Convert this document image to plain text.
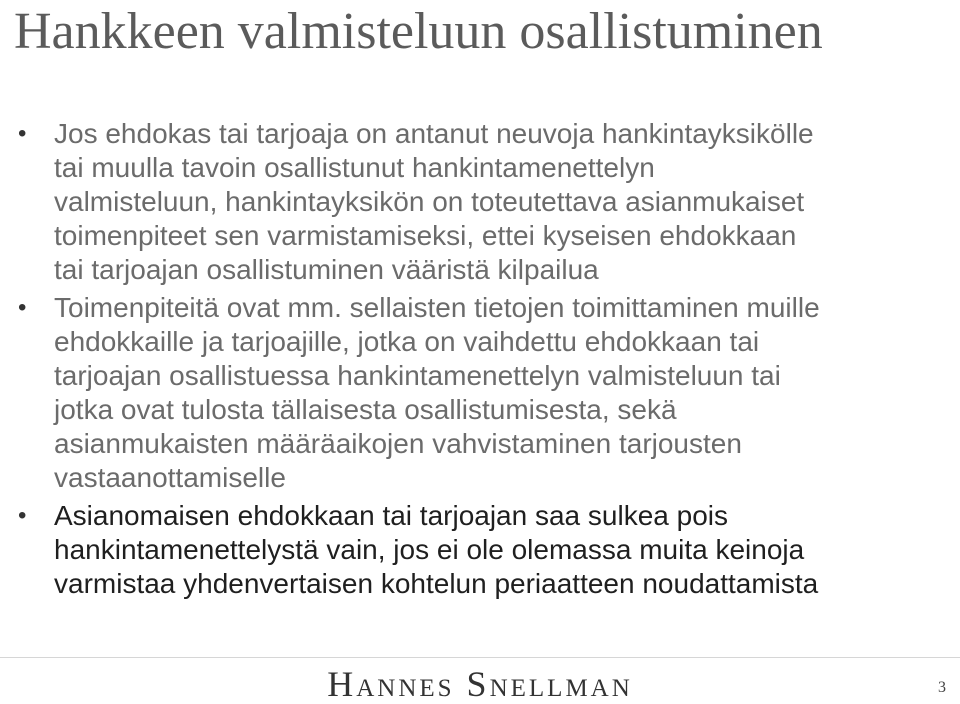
Hankkeen valmisteluun osallistuminen
• Jos ehdokas tai tarjoaja on antanut neuvoja hankintayksikölle
tai muulla tavoin osallistunut hankintamenettelyn
valmisteluun, hankintayksikön on toteutettava asianmukaiset
toimenpiteet sen varmistamiseksi, ettei kyseisen ehdokkaan
tai tarjoajan osallistuminen vääristä kilpailua
• Toimenpiteitä ovat mm. sellaisten tietojen toimittaminen muille
ehdokkaille ja tarjoajille, jotka on vaihdettu ehdokkaan tai
tarjoajan osallistuessa hankintamenettelyn valmisteluun tai
jotka ovat tulosta tällaisesta osallistumisesta, sekä
asianmukaisten määräaikojen vahvistaminen tarjousten
vastaanottamiselle
• Asianomaisen ehdokkaan tai tarjoajan saa sulkea pois
hankintamenettelystä vain, jos ei ole olemassa muita keinoja
varmistaa yhdenvertaisen kohtelun periaatteen noudattamista
Hannes Snellman	3
